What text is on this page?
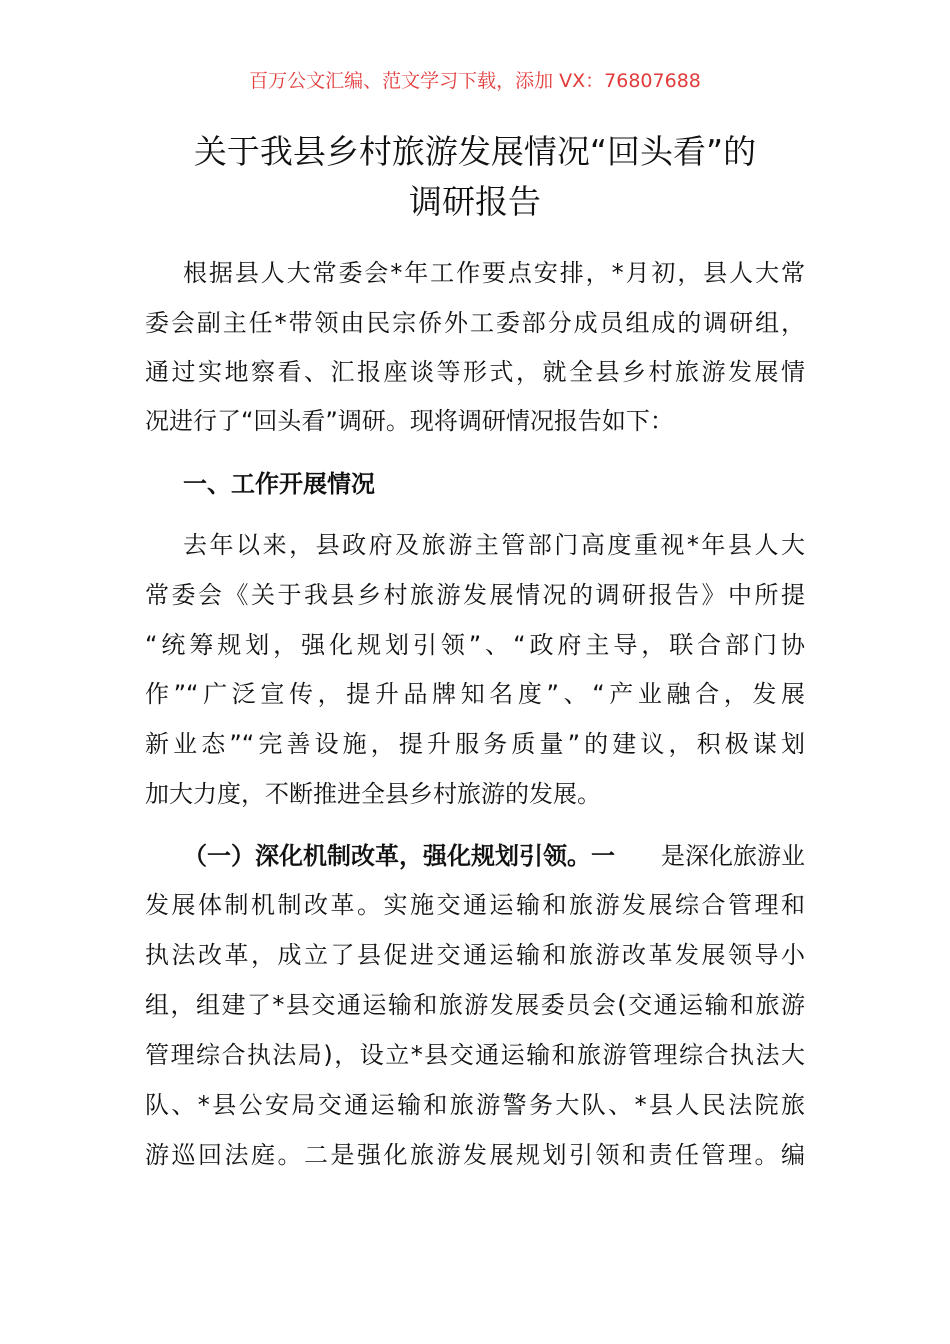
百万公文汇编、范文学习下载，添加 VX：76807688
关于我县乡村旅游发展情况“回头看”的
调研报告
根据县人大常委会*年工作要点安排，*月初，县人大常
委会副主任*带领由民宗侨外工委部分成员组成的调研组，
通过实地察看、汇报座谈等形式，就全县乡村旅游发展情
况进行了“回头看”调研。现将调研情况报告如下：
一、工作开展情况
去年以来，县政府及旅游主管部门高度重视*年县人大
常委会《关于我县乡村旅游发展情况的调研报告》中所提
“统筹规划，强化规划引领”、“政府主导，联合部门协
作”“广泛宣传，提升品牌知名度”、“产业融合，发展
新业态”“完善设施，提升服务质量”的建议，积极谋划
加大力度，不断推进全县乡村旅游的发展。
（一）深化机制改革，强化规划引领。一 是深化旅游业
发展体制机制改革。实施交通运输和旅游发展综合管理和
执法改革，成立了县促进交通运输和旅游改革发展领导小
组，组建了*县交通运输和旅游发展委员会(交通运输和旅游
管理综合执法局)，设立*县交通运输和旅游管理综合执法大
队、*县公安局交通运输和旅游警务大队、*县人民法院旅
游巡回法庭。二是强化旅游发展规划引领和责任管理。编
